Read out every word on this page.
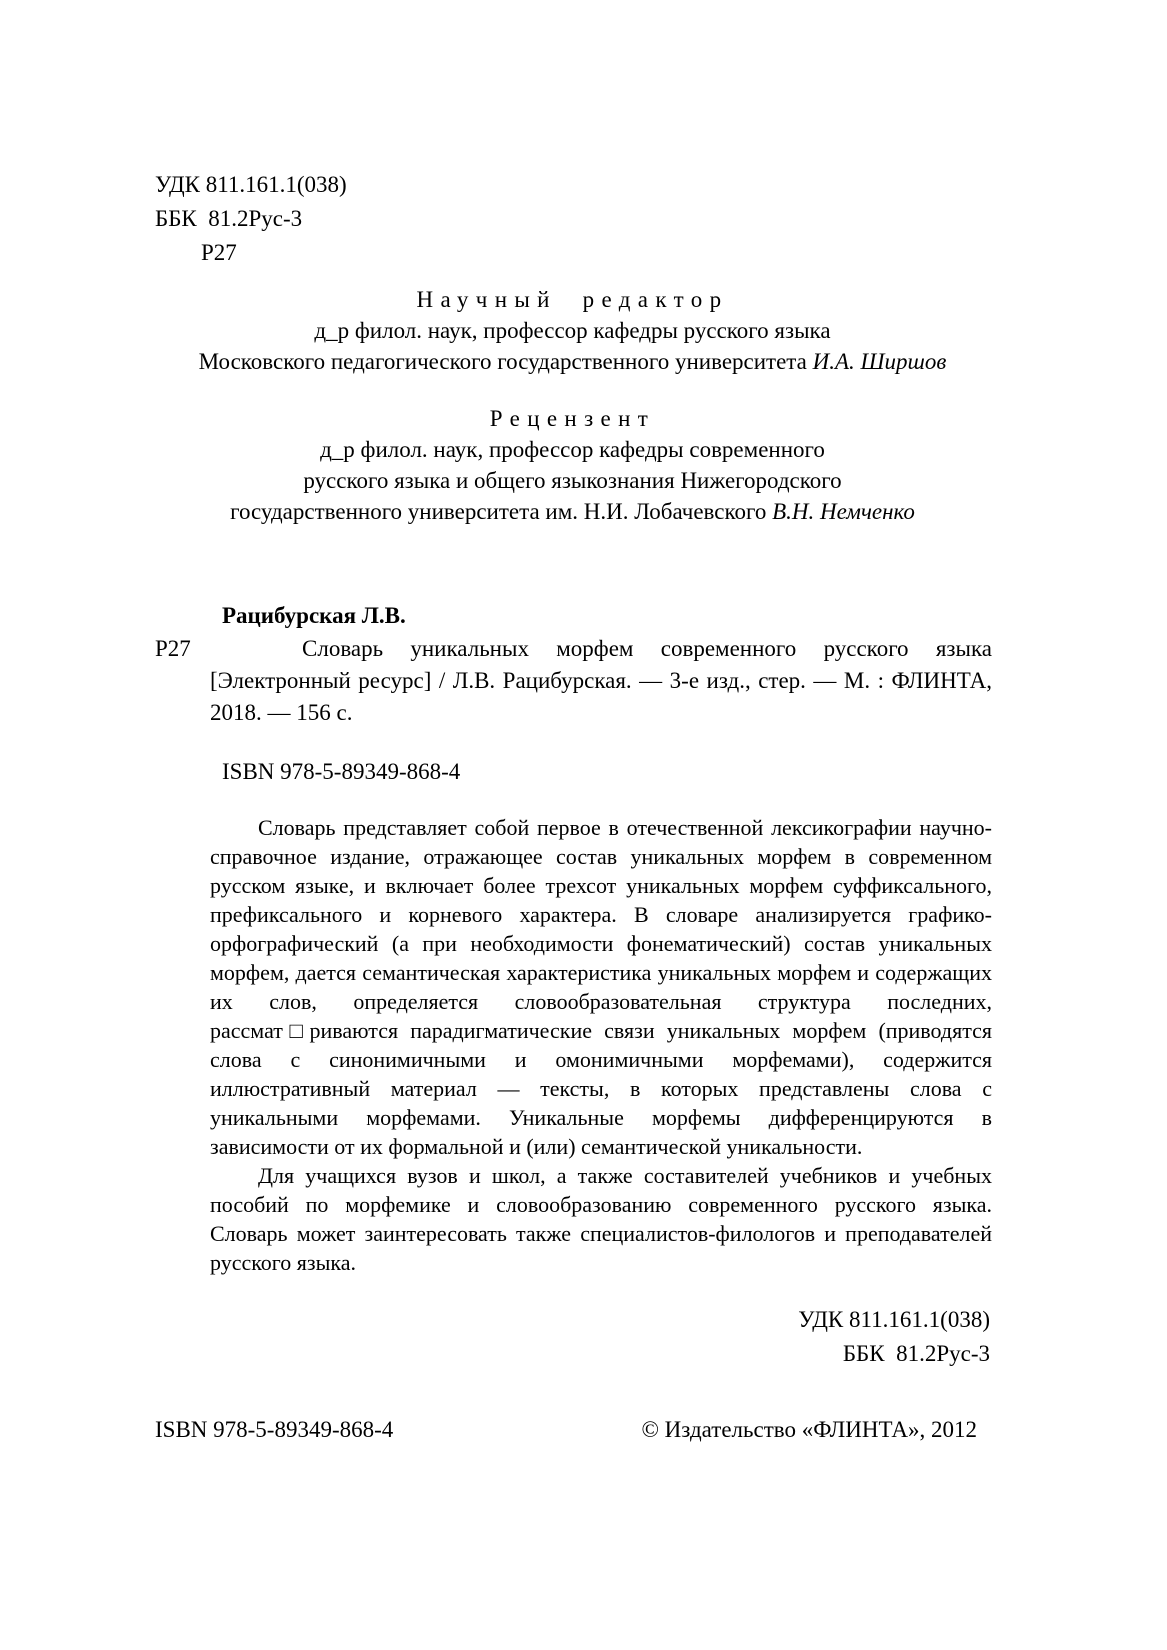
УДК 811.161.1(038)
ББК  81.2Рус-3
Р27
Научный редактор
д_р филол. наук, профессор кафедры русского языка
Московского педагогического государственного университета И.А. Ширшов
Рецензент
д_р филол. наук, профессор кафедры современного
русского языка и общего языкознания Нижегородского
государственного университета им. Н.И. Лобачевского В.Н. Немченко
Рацибурская Л.В.
Р27	Словарь уникальных морфем современного русского языка [Электронный ресурс] / Л.В. Рацибурская. — 3-е изд., стер. — М. : ФЛИНТА, 2018. — 156 с.

ISBN 978-5-89349-868-4

Словарь представляет собой первое в отечественной лексикографии научно-справочное издание, отражающее состав уникальных морфем в современном русском языке, и включает более трехсот уникальных морфем суффиксального, префиксального и корневого характера. В словаре анализируется графико-орфографический (а при необходимости фонематический) состав уникальных морфем, дается семантическая характеристика уникальных морфем и содержащих их слов, определяется словообразовательная структура последних, рассмат□риваются парадигматические связи уникальных морфем (приводятся слова с синонимичными и омонимичными морфемами), содержится иллюстративный материал — тексты, в которых представлены слова с уникальными морфемами. Уникальные морфемы дифференцируются в зависимости от их формальной и (или) семантической уникальности.

Для учащихся вузов и школ, а также составителей учебников и учебных пособий по морфемике и словообразованию современного русского языка. Словарь может заинтересовать также специалистов-филологов и преподавателей русского языка.

УДК 811.161.1(038)
ББК  81.2Рус-3
ISBN 978-5-89349-868-4	© Издательство «ФЛИНТА», 2012
